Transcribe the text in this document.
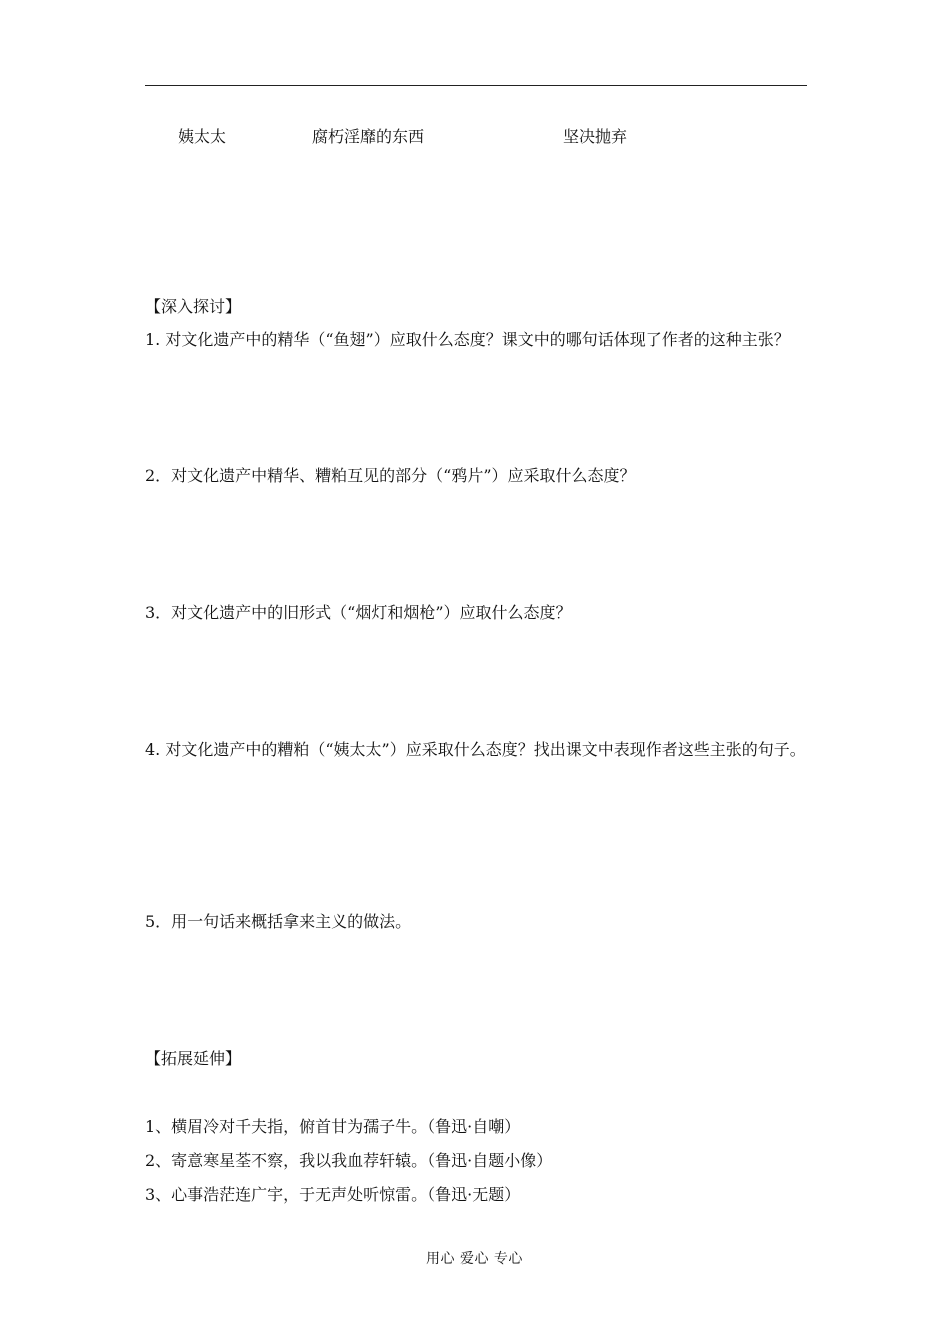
姨太太	腐朽淫靡的东西	坚决抛弃
【深入探讨】
1. 对文化遗产中的精华（“鱼翅”）应取什么态度？课文中的哪句话体现了作者的这种主张？
2．对文化遗产中精华、糟粕互见的部分（“鸦片”）应采取什么态度？
3．对文化遗产中的旧形式（“烟灯和烟枪”）应取什么态度？
4. 对文化遗产中的糟粕（“姨太太”）应采取什么态度？找出课文中表现作者这些主张的句子。
5．用一句话来概括拿来主义的做法。
【拓展延伸】
1、横眉冷对千夫指，俯首甘为孺子牛。（鲁迅·自嘲）
2、寄意寒星荃不察，我以我血荐轩辕。（鲁迅·自题小像）
3、心事浩茫连广宇，于无声处听惊雷。（鲁迅·无题）
用心 爱心 专心
